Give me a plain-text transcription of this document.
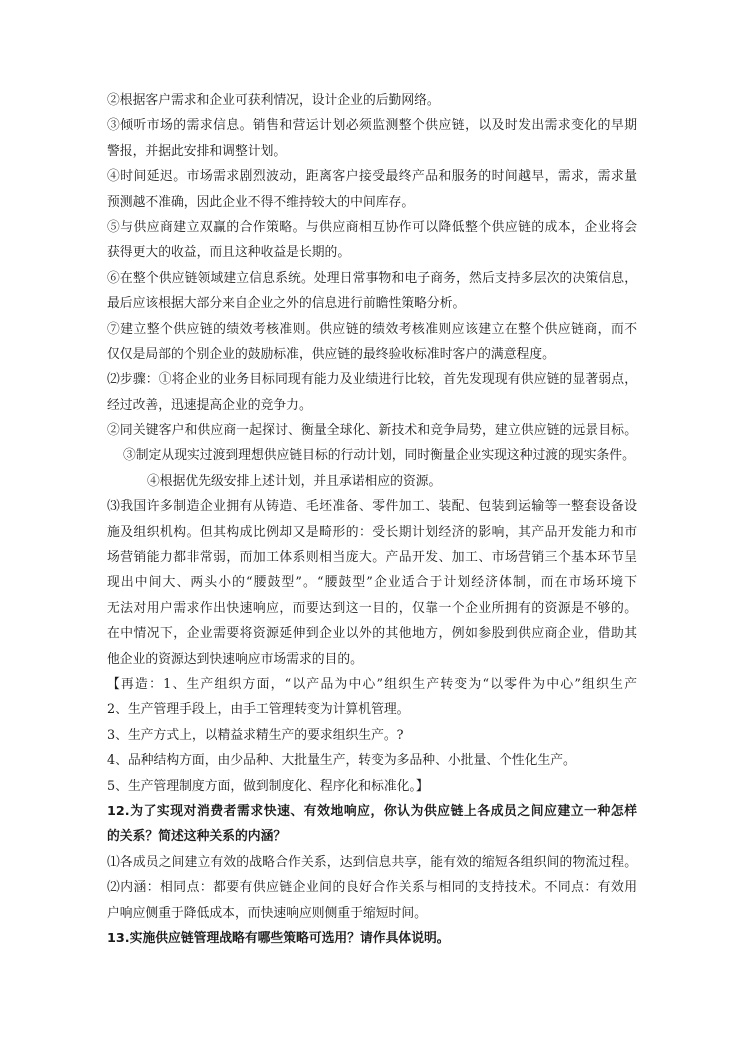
②根据客户需求和企业可获利情况，设计企业的后勤网络。
③倾听市场的需求信息。销售和营运计划必须监测整个供应链，以及时发出需求变化的早期
警报，并据此安排和调整计划。
④时间延迟。市场需求剧烈波动，距离客户接受最终产品和服务的时间越早，需求，需求量
预测越不准确，因此企业不得不维持较大的中间库存。
⑤与供应商建立双赢的合作策略。与供应商相互协作可以降低整个供应链的成本，企业将会
获得更大的收益，而且这种收益是长期的。
⑥在整个供应链领域建立信息系统。处理日常事物和电子商务，然后支持多层次的决策信息，
最后应该根据大部分来自企业之外的信息进行前瞻性策略分析。
⑦建立整个供应链的绩效考核准则。供应链的绩效考核准则应该建立在整个供应链商，而不
仅仅是局部的个别企业的鼓励标准，供应链的最终验收标准时客户的满意程度。
⑵步骤：①将企业的业务目标同现有能力及业绩进行比较，首先发现现有供应链的显著弱点，
经过改善，迅速提高企业的竞争力。
②同关键客户和供应商一起探讨、衡量全球化、新技术和竞争局势，建立供应链的远景目标。
③制定从现实过渡到理想供应链目标的行动计划，同时衡量企业实现这种过渡的现实条件。
④根据优先级安排上述计划，并且承诺相应的资源。
⑶我国许多制造企业拥有从铸造、毛坯准备、零件加工、装配、包装到运输等一整套设备设
施及组织机构。但其构成比例却又是畸形的：受长期计划经济的影响，其产品开发能力和市
场营销能力都非常弱，而加工体系则相当庞大。产品开发、加工、市场营销三个基本环节呈
现出中间大、两头小的“腰鼓型”。“腰鼓型”企业适合于计划经济体制，而在市场环境下
无法对用户需求作出快速响应，而要达到这一目的，仅靠一个企业所拥有的资源是不够的。
在中情况下，企业需要将资源延伸到企业以外的其他地方，例如参股到供应商企业，借助其
他企业的资源达到快速响应市场需求的目的。
【再造：1、生产组织方面，“以产品为中心”组织生产转变为“以零件为中心”组织生产
2、生产管理手段上，由手工管理转变为计算机管理。
3、生产方式上，以精益求精生产的要求组织生产。?
4、品种结构方面，由少品种、大批量生产，转变为多品种、小批量、个性化生产。
5、生产管理制度方面，做到制度化、程序化和标准化。】
12.为了实现对消费者需求快速、有效地响应，你认为供应链上各成员之间应建立一种怎样
的关系？简述这种关系的内涵？
⑴各成员之间建立有效的战略合作关系，达到信息共享，能有效的缩短各组织间的物流过程。
⑵内涵：相同点：都要有供应链企业间的良好合作关系与相同的支持技术。不同点：有效用
户响应侧重于降低成本，而快速响应则侧重于缩短时间。
13.实施供应链管理战略有哪些策略可选用？请作具体说明。
